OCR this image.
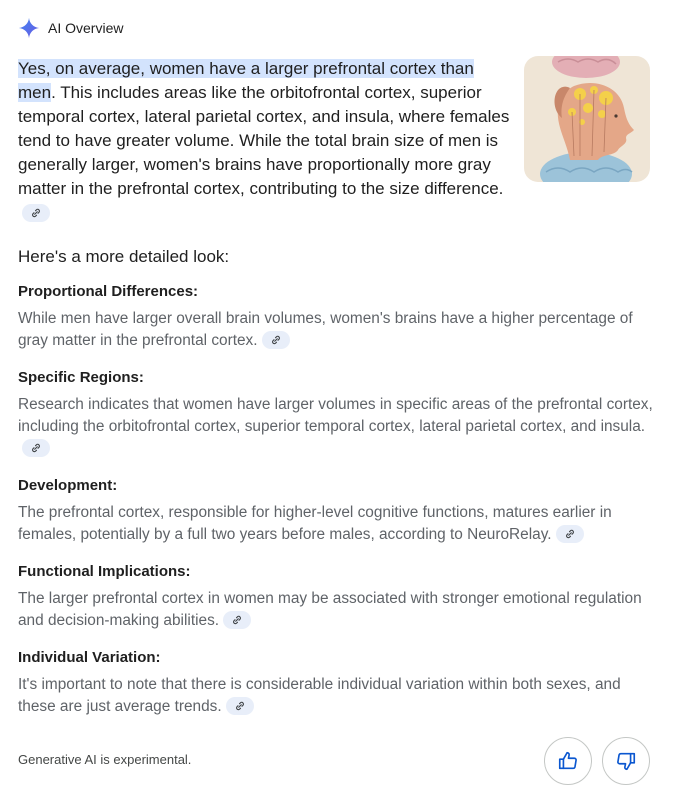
AI Overview
Yes, on average, women have a larger prefrontal cortex than men. This includes areas like the orbitofrontal cortex, superior temporal cortex, lateral parietal cortex, and insula, where females tend to have greater volume. While the total brain size of men is generally larger, women's brains have proportionally more gray matter in the prefrontal cortex, contributing to the size difference.
Here's a more detailed look:
Proportional Differences:

While men have larger overall brain volumes, women's brains have a higher percentage of gray matter in the prefrontal cortex.

Specific Regions:

Research indicates that women have larger volumes in specific areas of the prefrontal cortex, including the orbitofrontal cortex, superior temporal cortex, lateral parietal cortex, and insula.

Development:

The prefrontal cortex, responsible for higher-level cognitive functions, matures earlier in females, potentially by a full two years before males, according to NeuroRelay.

Functional Implications:

The larger prefrontal cortex in women may be associated with stronger emotional regulation and decision-making abilities.

Individual Variation:

It's important to note that there is considerable individual variation within both sexes, and these are just average trends.

Generative AI is experimental.
